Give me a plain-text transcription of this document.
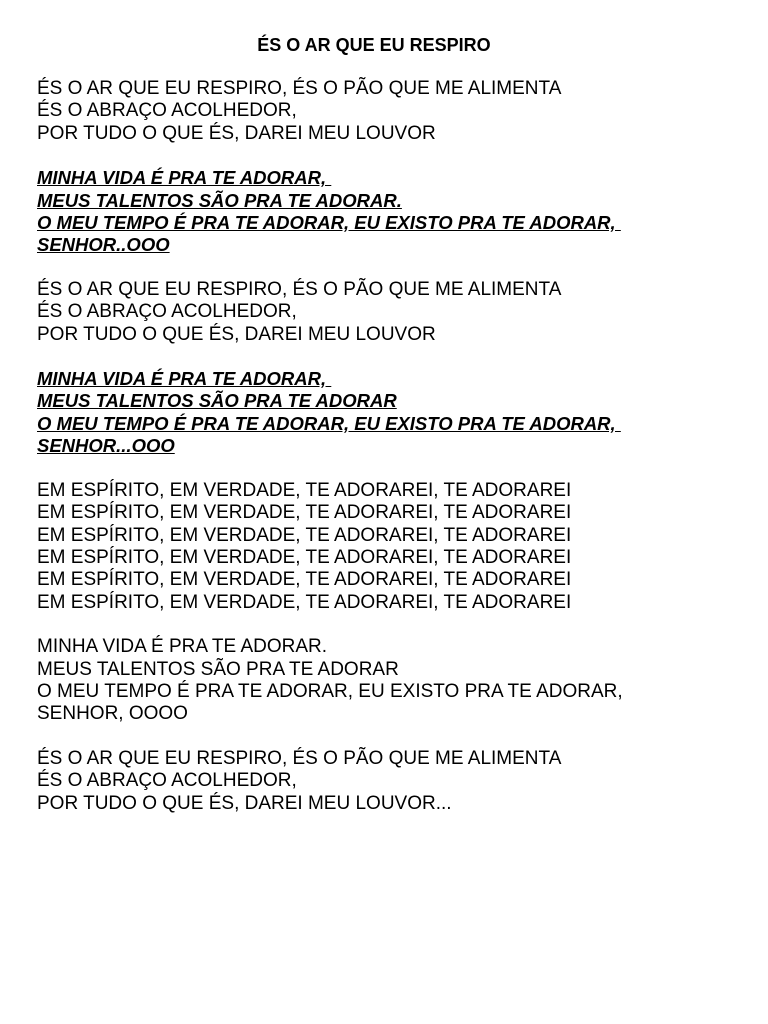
ÉS O AR QUE EU RESPIRO
ÉS O AR QUE EU RESPIRO, ÉS O PÃO QUE ME ALIMENTA
ÉS O ABRAÇO ACOLHEDOR,
POR TUDO O QUE ÉS, DAREI MEU LOUVOR
MINHA VIDA É PRA TE ADORAR,
MEUS TALENTOS SÃO PRA TE ADORAR.
O MEU TEMPO É PRA TE ADORAR, EU EXISTO PRA TE ADORAR,
SENHOR..OOO
ÉS O AR QUE EU RESPIRO, ÉS O PÃO QUE ME ALIMENTA
ÉS O ABRAÇO ACOLHEDOR,
POR TUDO O QUE ÉS, DAREI MEU LOUVOR
MINHA VIDA É PRA TE ADORAR,
MEUS TALENTOS SÃO PRA TE ADORAR
O MEU TEMPO É PRA TE ADORAR, EU EXISTO PRA TE ADORAR,
SENHOR...OOO
EM ESPÍRITO, EM VERDADE, TE ADORAREI, TE ADORAREI
EM ESPÍRITO, EM VERDADE, TE ADORAREI, TE ADORAREI
EM ESPÍRITO, EM VERDADE, TE ADORAREI, TE ADORAREI
EM ESPÍRITO, EM VERDADE, TE ADORAREI, TE ADORAREI
EM ESPÍRITO, EM VERDADE, TE ADORAREI, TE ADORAREI
EM ESPÍRITO, EM VERDADE, TE ADORAREI, TE ADORAREI
MINHA VIDA É PRA TE ADORAR.
MEUS TALENTOS SÃO PRA TE ADORAR
O MEU TEMPO É PRA TE ADORAR, EU EXISTO PRA TE ADORAR,
SENHOR, OOOO
ÉS O AR QUE EU RESPIRO, ÉS O PÃO QUE ME ALIMENTA
ÉS O ABRAÇO ACOLHEDOR,
POR TUDO O QUE ÉS, DAREI MEU LOUVOR...
